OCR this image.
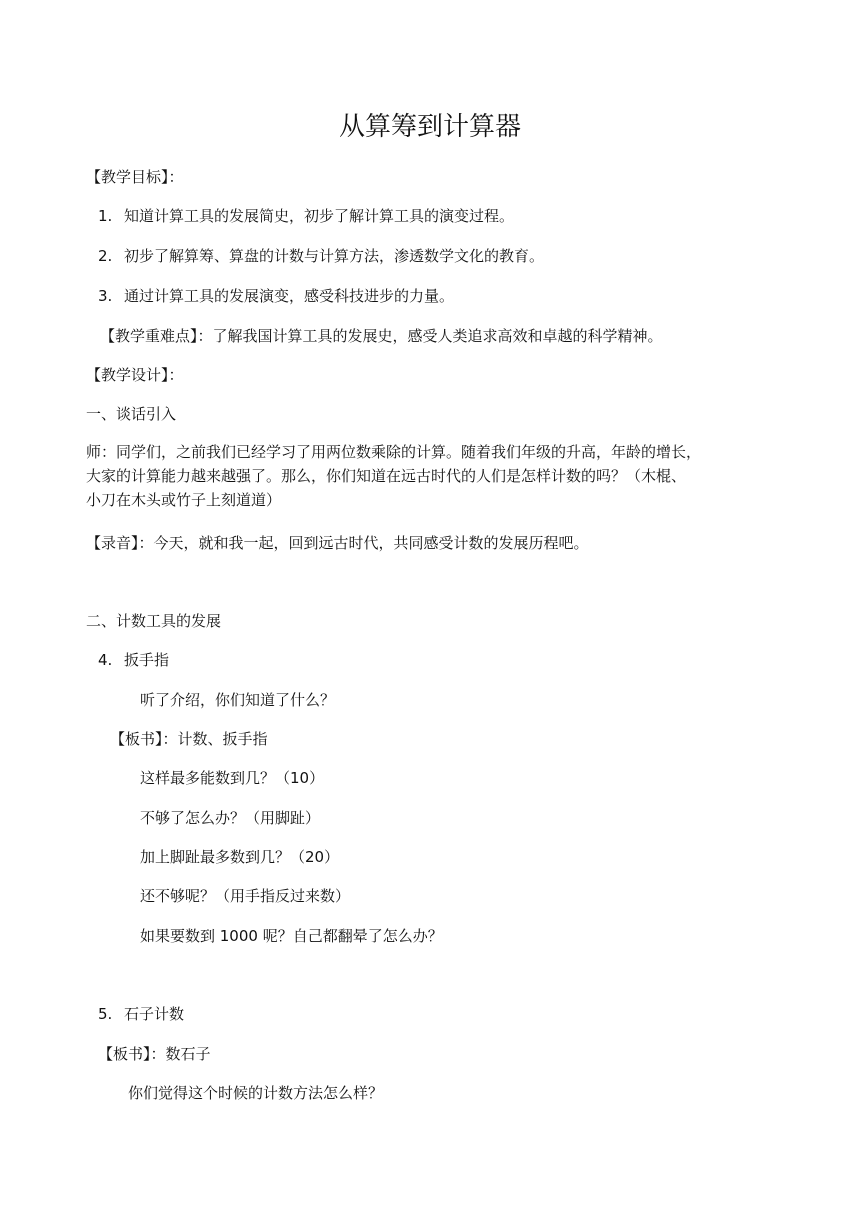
从算筹到计算器
【教学目标】：
1. 知道计算工具的发展简史，初步了解计算工具的演变过程。
2. 初步了解算筹、算盘的计数与计算方法，渗透数学文化的教育。
3. 通过计算工具的发展演变，感受科技进步的力量。
【教学重难点】：了解我国计算工具的发展史，感受人类追求高效和卓越的科学精神。
【教学设计】：
一、谈话引入
师：同学们，之前我们已经学习了用两位数乘除的计算。随着我们年级的升高，年龄的增长，
大家的计算能力越来越强了。那么，你们知道在远古时代的人们是怎样计数的吗？（木棍、
小刀在木头或竹子上刻道道）
【录音】：今天，就和我一起，回到远古时代，共同感受计数的发展历程吧。
二、计数工具的发展
4. 扳手指
听了介绍，你们知道了什么？
【板书】：计数、扳手指
这样最多能数到几？（10）
不够了怎么办？（用脚趾）
加上脚趾最多数到几？（20）
还不够呢？（用手指反过来数）
如果要数到 1000 呢？自己都翻晕了怎么办？
5. 石子计数
【板书】：数石子
你们觉得这个时候的计数方法怎么样？
